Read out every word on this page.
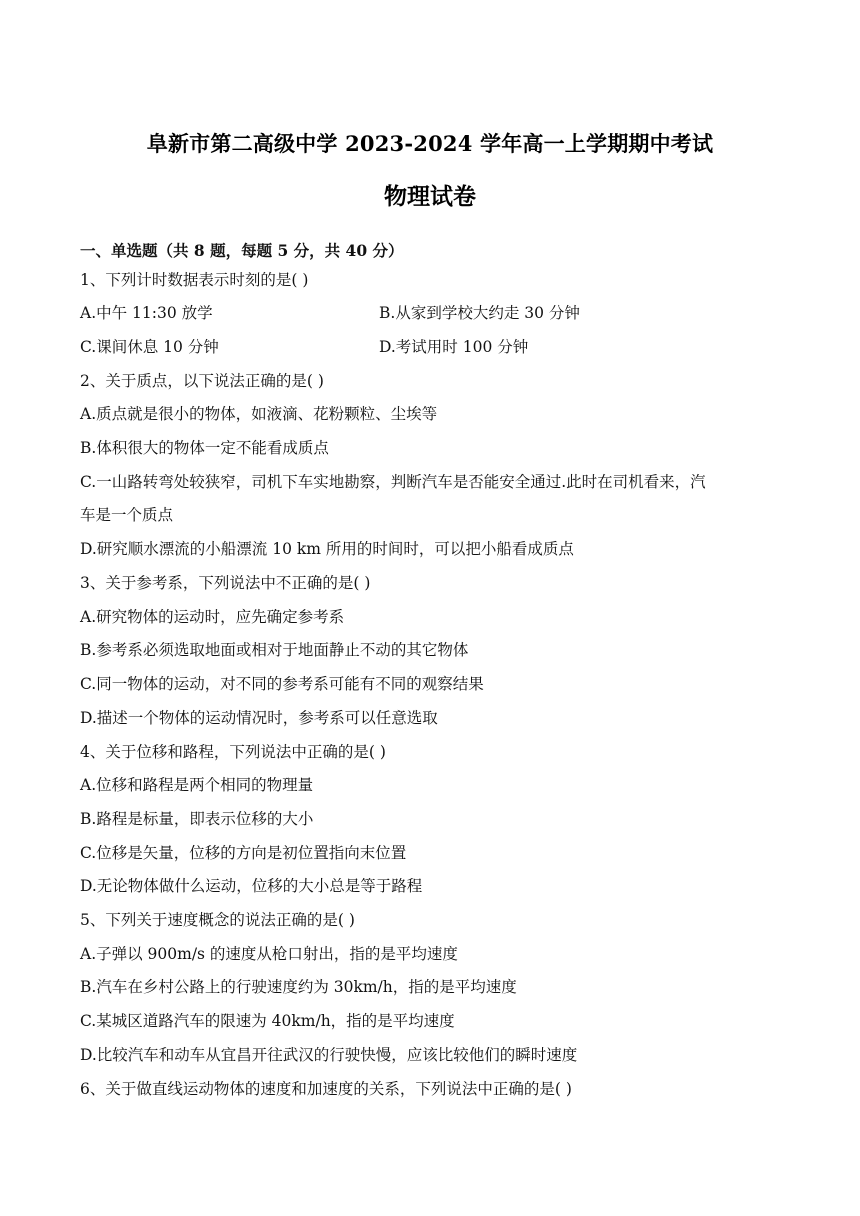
阜新市第二高级中学 2023-2024 学年高一上学期期中考试
物理试卷
一、单选题（共 8 题，每题 5 分，共 40 分）
1、下列计时数据表示时刻的是( )
A.中午 11:30 放学	B.从家到学校大约走 30 分钟
C.课间休息 10 分钟	D.考试用时 100 分钟
2、关于质点，以下说法正确的是( )
A.质点就是很小的物体，如液滴、花粉颗粒、尘埃等
B.体积很大的物体一定不能看成质点
C.一山路转弯处较狭窄，司机下车实地勘察，判断汽车是否能安全通过.此时在司机看来，汽
车是一个质点
D.研究顺水漂流的小船漂流 10 km 所用的时间时，可以把小船看成质点
3、关于参考系，下列说法中不正确的是( )
A.研究物体的运动时，应先确定参考系
B.参考系必须选取地面或相对于地面静止不动的其它物体
C.同一物体的运动，对不同的参考系可能有不同的观察结果
D.描述一个物体的运动情况时，参考系可以任意选取
4、关于位移和路程，下列说法中正确的是( )
A.位移和路程是两个相同的物理量
B.路程是标量，即表示位移的大小
C.位移是矢量，位移的方向是初位置指向末位置
D.无论物体做什么运动，位移的大小总是等于路程
5、下列关于速度概念的说法正确的是( )
A.子弹以 900m/s 的速度从枪口射出，指的是平均速度
B.汽车在乡村公路上的行驶速度约为 30km/h，指的是平均速度
C.某城区道路汽车的限速为 40km/h，指的是平均速度
D.比较汽车和动车从宜昌开往武汉的行驶快慢，应该比较他们的瞬时速度
6、关于做直线运动物体的速度和加速度的关系，下列说法中正确的是( )
